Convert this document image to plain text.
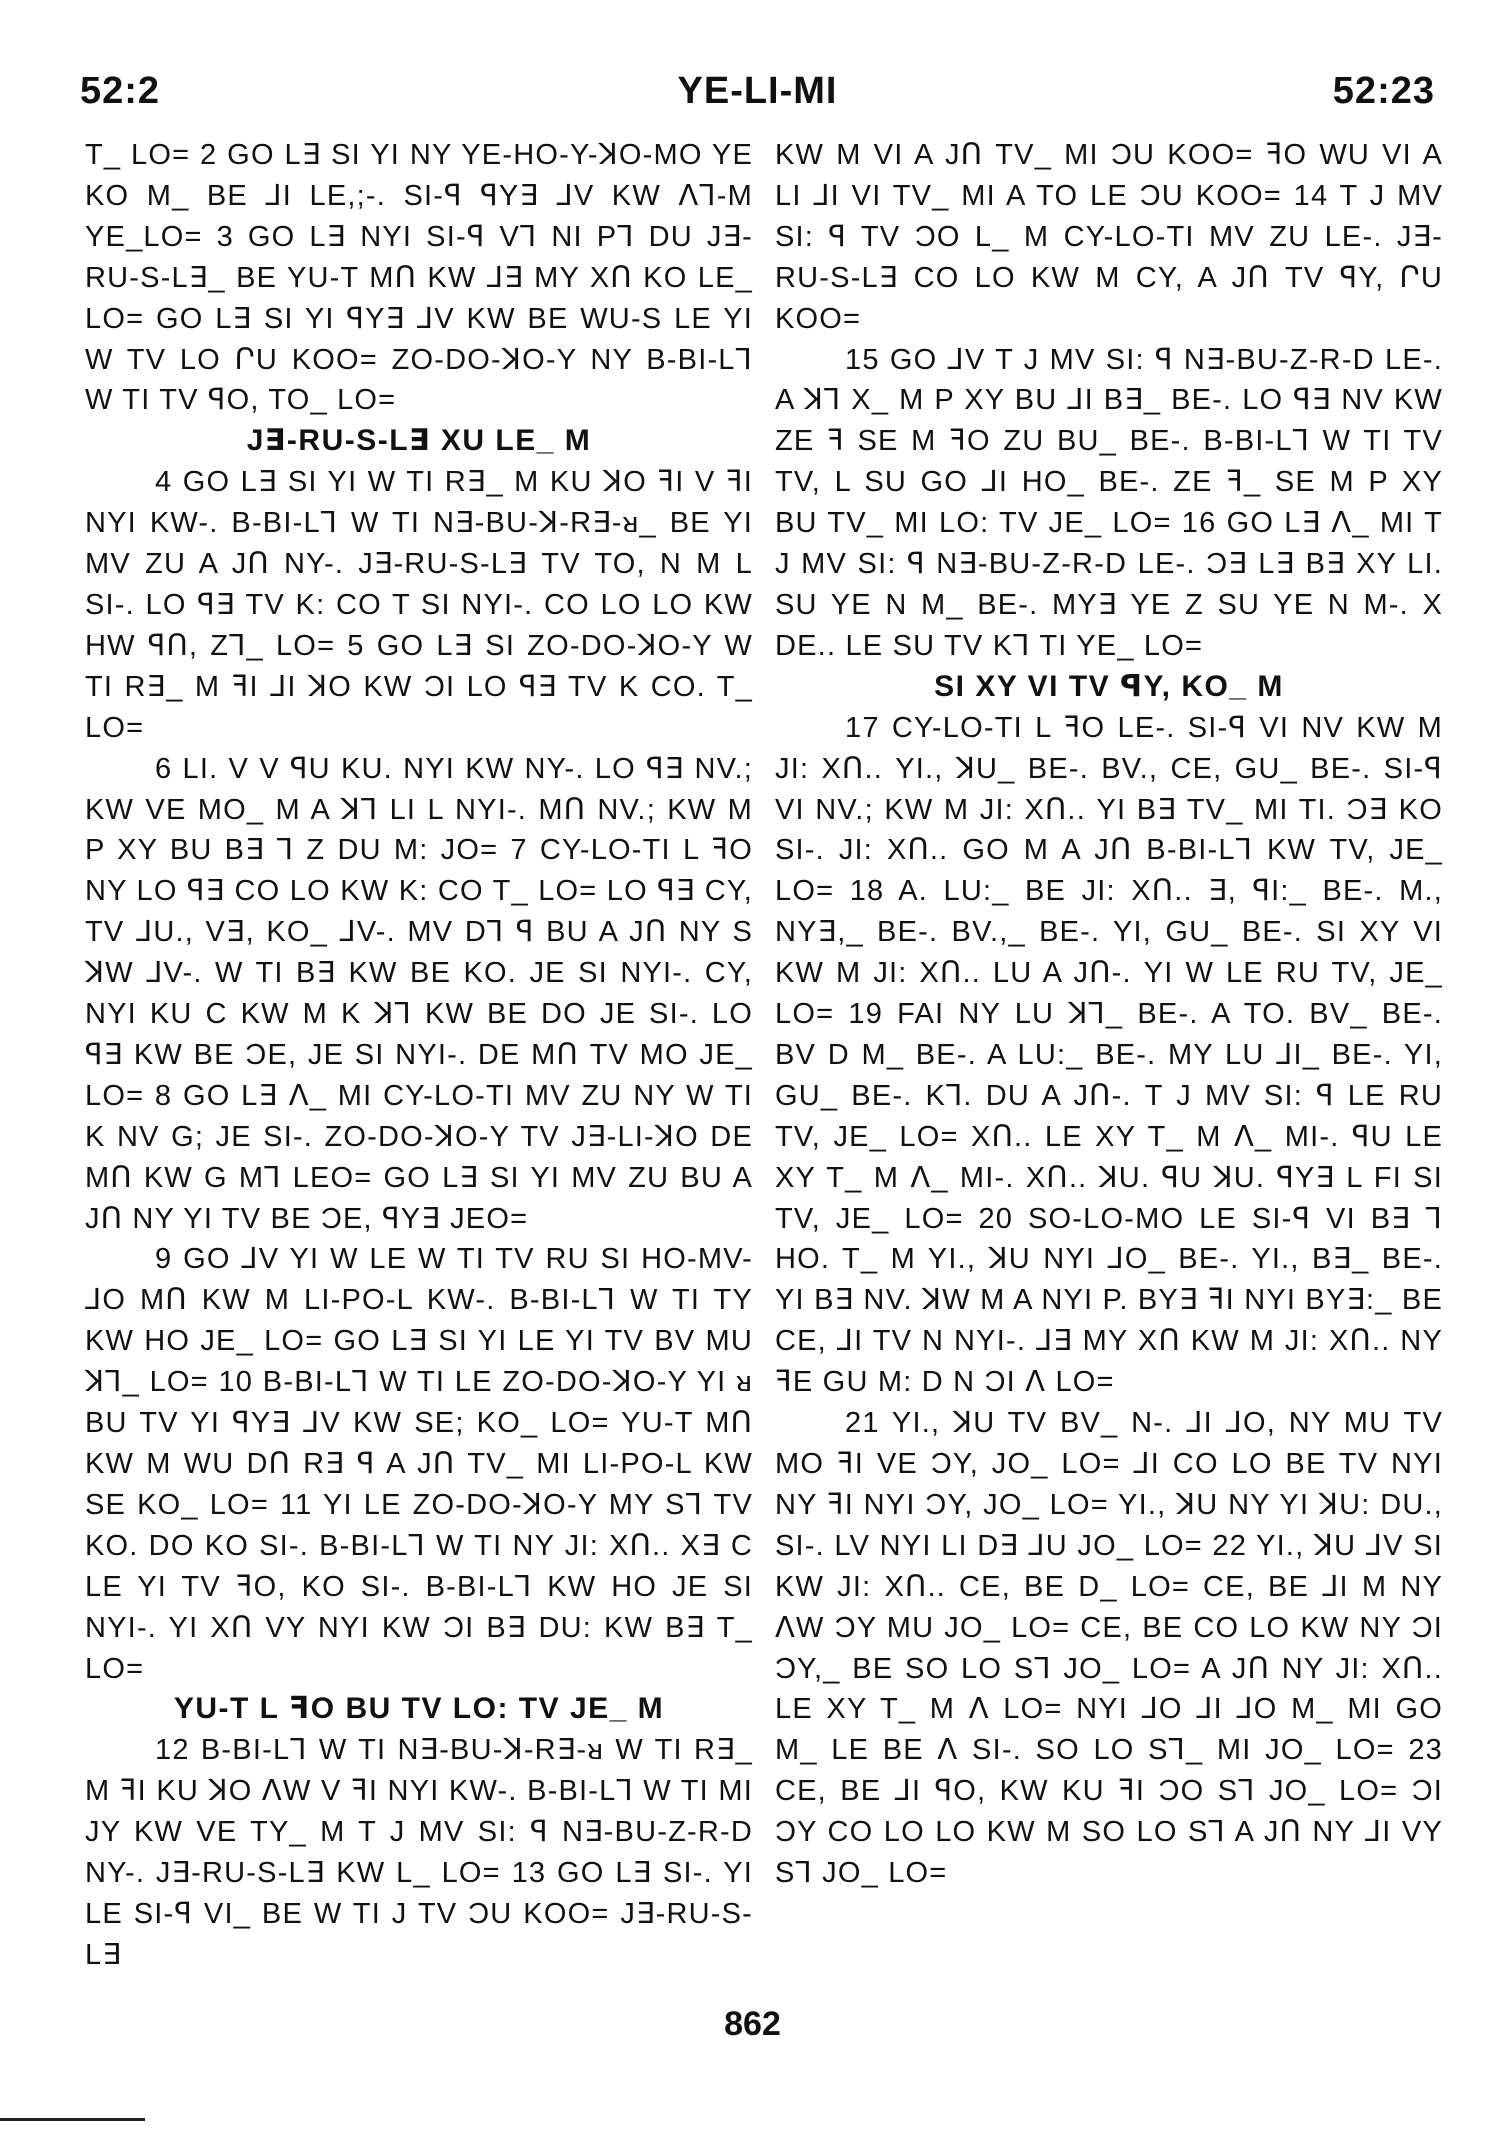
52:2	YE-LI-MI	52:23

T_ LO= 2 GO L∃ SI YI NY YE-HO-Y-ꓘO-MO YE KO M_ BE ⅃I LE,;-. SI-ꟼ ꟼY∃ ⅃V KW ᐱ⅂-M YE_LO= 3 GO L∃ NYI SI-ꟼ V⅂ NI P⅂ DU J∃-RU-S-L∃_ BE YU-T MՈ KW ⅃∃ MY XՈ KO LE_ LO= GO L∃ SI YI ꟼY∃ ⅃V KW BE WU-S LE YI W TV LO ՐU KOO= ZO-DO-ꓘO-Y NY B-BI-L⅂ W TI TV ꟼO, TO_ LO=

J∃-RU-S-L∃ XU LE_ M

4 GO L∃ SI YI W TI R∃_ M KU ꓘO ꟻI V ꟻI NYI KW-. B-BI-L⅂ W TI N∃-BU-ꓘ-R∃-ᴚ_ BE YI MV ZU A JՈ NY-. J∃-RU-S-L∃ TV TO, N M L SI-. LO ꟼ∃ TV K: CO T SI NYI-. CO LO LO KW HW ꟼՈ, Z⅂_ LO= 5 GO L∃ SI ZO-DO-ꓘO-Y W TI R∃_ M ꟻI ⅃I ꓘO KW ƆI LO ꟼ∃ TV K CO. T_ LO=

6 LI. V V ꟼU KU. NYI KW NY-. LO ꟼ∃ NV.; KW VE MO_ M A ꓘ⅂ LI L NYI-. MՈ NV.; KW M P XY BU B∃ ⅂ Z DU M: JO= 7 CY-LO-TI L ꟻO NY LO ꟼ∃ CO LO KW K: CO T_ LO= LO ꟼ∃ CY, TV ⅃U., V∃, KO_ ⅃V-. MV D⅂ ꟼ BU A JՈ NY S ꓘW ⅃V-. W TI B∃ KW BE KO. JE SI NYI-. CY, NYI KU C KW M K ꓘ⅂ KW BE DO JE SI-. LO ꟼ∃ KW BE ƆE, JE SI NYI-. DE MՈ TV MO JE_ LO= 8 GO L∃ ᐱ_ MI CY-LO-TI MV ZU NY W TI K NV G; JE SI-. ZO-DO-ꓘO-Y TV J∃-LI-ꓘO DE MՈ KW G M⅂ LEO= GO L∃ SI YI MV ZU BU A JՈ NY YI TV BE ƆE, ꟼY∃ JEO=

9 GO ⅃V YI W LE W TI TV RU SI HO-MV-⅃O MՈ KW M LI-PO-L KW-. B-BI-L⅂ W TI TY KW HO JE_ LO= GO L∃ SI YI LE YI TV BV MU ꓘ⅂_ LO= 10 B-BI-L⅂ W TI LE ZO-DO-ꓘO-Y YI ᴚ BU TV YI ꟼY∃ ⅃V KW SE; KO_ LO= YU-T MՈ KW M WU DՈ R∃ ꟼ A JՈ TV_ MI LI-PO-L KW SE KO_ LO= 11 YI LE ZO-DO-ꓘO-Y MY S⅂ TV KO. DO KO SI-. B-BI-L⅂ W TI NY JI: XՈ.. X∃ C LE YI TV ꟻO, KO SI-. B-BI-L⅂ KW HO JE SI NYI-. YI XՈ VY NYI KW ƆI B∃ DU: KW B∃ T_ LO=

YU-T L ꟻO BU TV LO: TV JE_ M

12 B-BI-L⅂ W TI N∃-BU-ꓘ-R∃-ᴚ W TI R∃_ M ꟻI KU ꓘO ᐱW V ꟻI NYI KW-. B-BI-L⅂ W TI MI JY KW VE TY_ M T J MV SI: ꟼ N∃-BU-Z-R-D NY-. J∃-RU-S-L∃ KW L_ LO= 13 GO L∃ SI-. YI LE SI-ꟼ VI_ BE W TI J TV ƆU KOO= J∃-RU-S-L∃

KW M VI A JՈ TV_ MI ƆU KOO= ꟻO WU VI A LI ⅃I VI TV_ MI A TO LE ƆU KOO= 14 T J MV SI: ꟼ TV ƆO L_ M CY-LO-TI MV ZU LE-. J∃-RU-S-L∃ CO LO KW M CY, A JՈ TV ꟼY, ՐU KOO=

15 GO ⅃V T J MV SI: ꟼ N∃-BU-Z-R-D LE-. A ꓘ⅂ X_ M P XY BU ⅃I B∃_ BE-. LO ꟼ∃ NV KW ZE ꟻ SE M ꟻO ZU BU_ BE-. B-BI-L⅂ W TI TV TV, L SU GO ⅃I HO_ BE-. ZE ꟻ_ SE M P XY BU TV_ MI LO: TV JE_ LO= 16 GO L∃ ᐱ_ MI T J MV SI: ꟼ N∃-BU-Z-R-D LE-. Ɔ∃ L∃ B∃ XY LI. SU YE N M_ BE-. MY∃ YE Z SU YE N M-. X DE.. LE SU TV K⅂ TI YE_ LO=

SI XY VI TV ꟼY, KO_ M

17 CY-LO-TI L ꟻO LE-. SI-ꟼ VI NV KW M JI: XՈ.. YI., ꓘU_ BE-. BV., CE, GU_ BE-. SI-ꟼ VI NV.; KW M JI: XՈ.. YI B∃ TV_ MI TI. Ɔ∃ KO SI-. JI: XՈ.. GO M A JՈ B-BI-L⅂ KW TV, JE_ LO= 18 A. LU:_ BE JI: XՈ.. ∃, ꟼI:_ BE-. M., NY∃,_ BE-. BV.,_ BE-. YI, GU_ BE-. SI XY VI KW M JI: XՈ.. LU A JՈ-. YI W LE RU TV, JE_ LO= 19 FAI NY LU ꓘ⅂_ BE-. A TO. BV_ BE-. BV D M_ BE-. A LU:_ BE-. MY LU ⅃I_ BE-. YI, GU_ BE-. K⅂. DU A JՈ-. T J MV SI: ꟼ LE RU TV, JE_ LO= XՈ.. LE XY T_ M ᐱ_ MI-. ꟼU LE XY T_ M ᐱ_ MI-. XՈ.. ꓘU. ꟼU ꓘU. ꟼY∃ L FI SI TV, JE_ LO= 20 SO-LO-MO LE SI-ꟼ VI B∃ ⅂ HO. T_ M YI., ꓘU NYI ⅃O_ BE-. YI., B∃_ BE-. YI B∃ NV. ꓘW M A NYI P. BY∃ ꟻI NYI BY∃:_ BE CE, ⅃I TV N NYI-. ⅃∃ MY XՈ KW M JI: XՈ.. NY ꟻE GU M: D N ƆI ᐱ LO=

21 YI., ꓘU TV BV_ N-. ⅃I ⅃O, NY MU TV MO ꟻI VE ƆY, JO_ LO= ⅃I CO LO BE TV NYI NY ꟻI NYI ƆY, JO_ LO= YI., ꓘU NY YI ꓘU: DU., SI-. LV NYI LI D∃ ⅃U JO_ LO= 22 YI., ꓘU ⅃V SI KW JI: XՈ.. CE, BE D_ LO= CE, BE ⅃I M NY ᐱW ƆY MU JO_ LO= CE, BE CO LO KW NY ƆI ƆY,_ BE SO LO S⅂ JO_ LO= A JՈ NY JI: XՈ.. LE XY T_ M ᐱ LO= NYI ⅃O ⅃I ⅃O M_ MI GO M_ LE BE ᐱ SI-. SO LO S⅂_ MI JO_ LO= 23 CE, BE ⅃I ꟼO, KW KU ꟻI ƆO S⅂ JO_ LO= ƆI ƆY CO LO LO KW M SO LO S⅂ A JՈ NY ⅃I VY S⅂ JO_ LO=

862
